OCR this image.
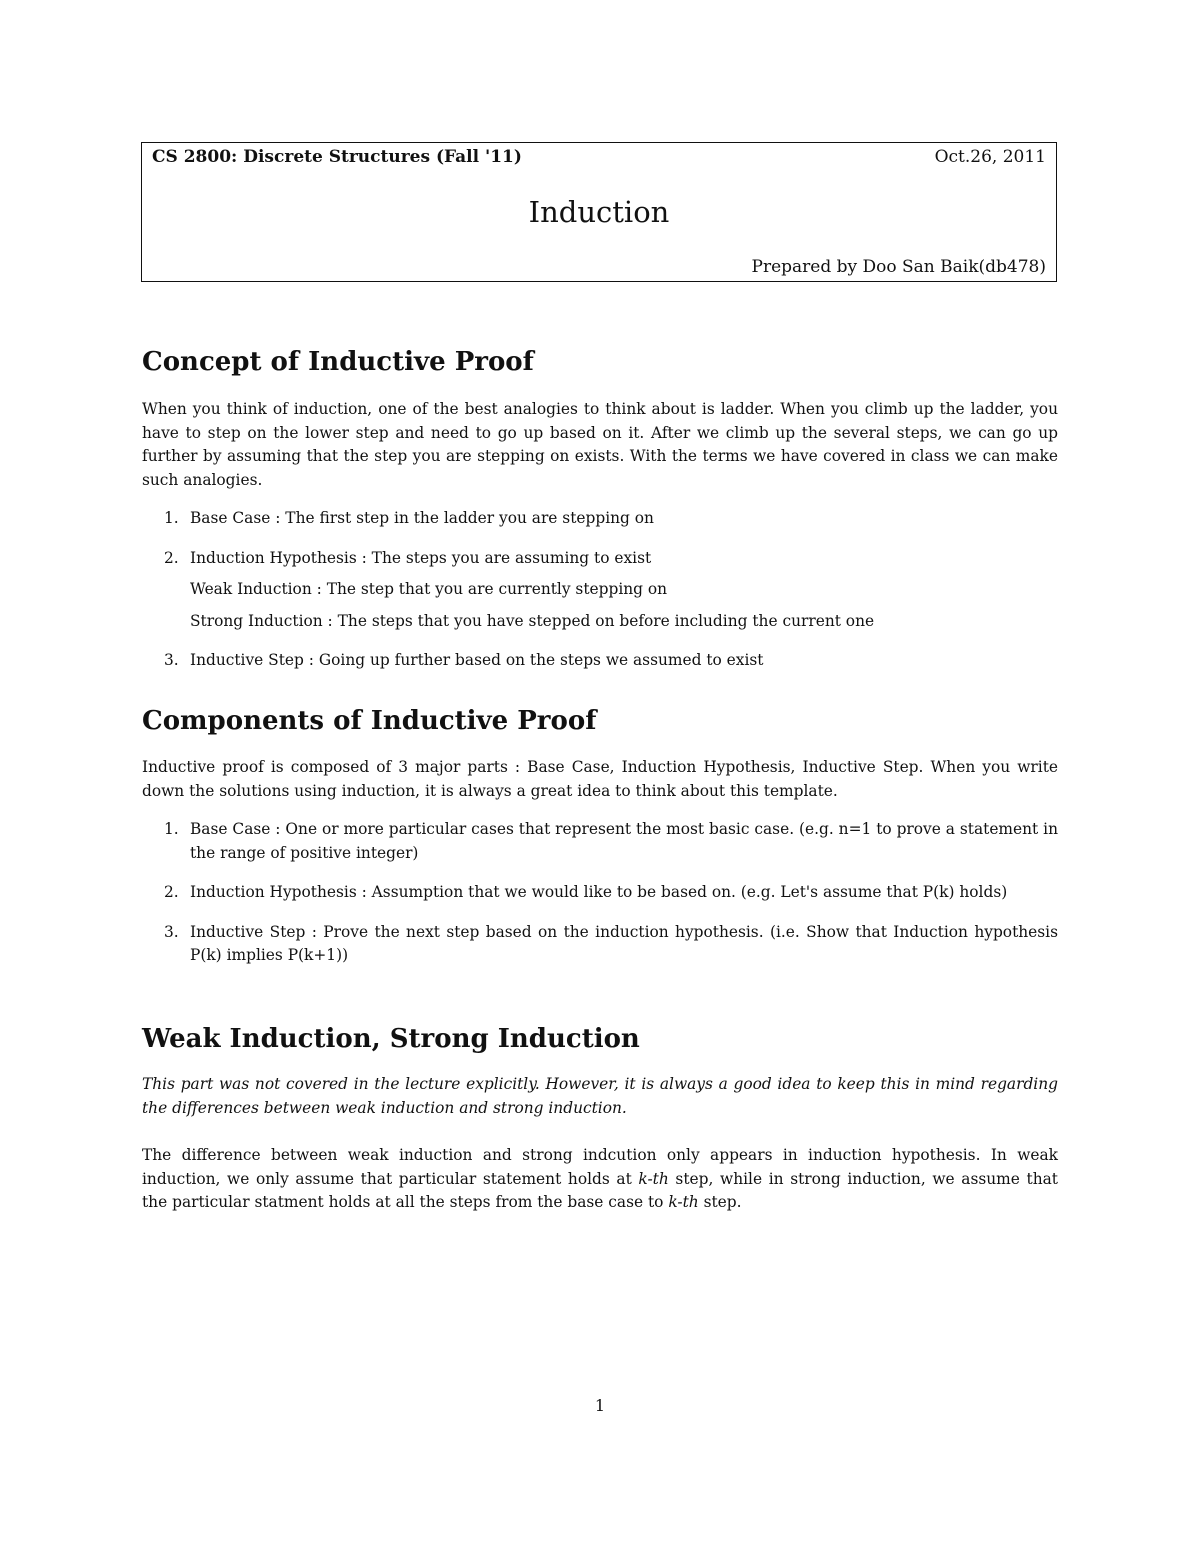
CS 2800: Discrete Structures (Fall '11)	Oct.26, 2011
Induction
Prepared by Doo San Baik(db478)
Concept of Inductive Proof

When you think of induction, one of the best analogies to think about is ladder. When you climb up the ladder, you have to step on the lower step and need to go up based on it. After we climb up the several steps, we can go up further by assuming that the step you are stepping on exists. With the terms we have covered in class we can make such analogies.

1. Base Case : The first step in the ladder you are stepping on
2. Induction Hypothesis : The steps you are assuming to exist
Weak Induction : The step that you are currently stepping on
Strong Induction : The steps that you have stepped on before including the current one
3. Inductive Step : Going up further based on the steps we assumed to exist
Components of Inductive Proof

Inductive proof is composed of 3 major parts : Base Case, Induction Hypothesis, Inductive Step. When you write down the solutions using induction, it is always a great idea to think about this template.

1. Base Case : One or more particular cases that represent the most basic case. (e.g. n=1 to prove a statement in the range of positive integer)
2. Induction Hypothesis : Assumption that we would like to be based on. (e.g. Let's assume that P(k) holds)
3. Inductive Step : Prove the next step based on the induction hypothesis. (i.e. Show that Induction hypothesis P(k) implies P(k+1))
Weak Induction, Strong Induction

This part was not covered in the lecture explicitly. However, it is always a good idea to keep this in mind regarding the differences between weak induction and strong induction.

The difference between weak induction and strong indcution only appears in induction hypothesis. In weak induction, we only assume that particular statement holds at k-th step, while in strong induction, we assume that the particular statment holds at all the steps from the base case to k-th step.

1
